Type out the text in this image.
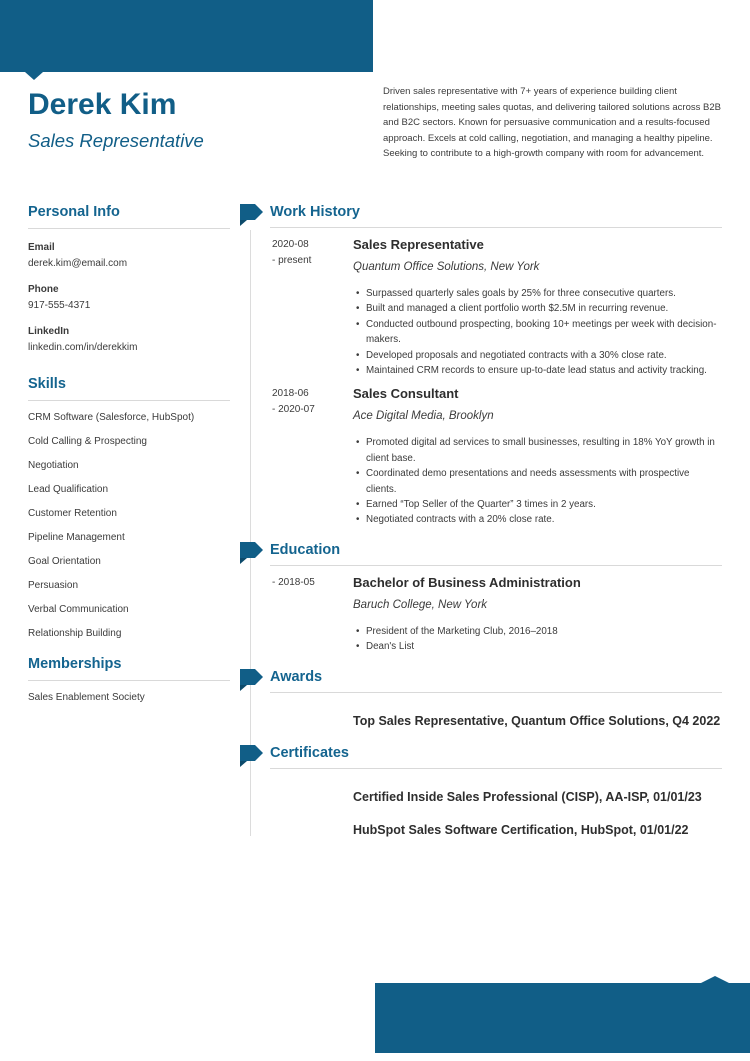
Derek Kim
Sales Representative

Driven sales representative with 7+ years of experience building client relationships, meeting sales quotas, and delivering tailored solutions across B2B and B2C sectors. Known for persuasive communication and a results-focused approach. Excels at cold calling, negotiation, and managing a healthy pipeline. Seeking to contribute to a high-growth company with room for advancement.

Personal Info
Email
derek.kim@email.com
Phone
917-555-4371
LinkedIn
linkedin.com/in/derekkim
Skills
CRM Software (Salesforce, HubSpot)
Cold Calling & Prospecting
Negotiation
Lead Qualification
Customer Retention
Pipeline Management
Goal Orientation
Persuasion
Verbal Communication
Relationship Building
Memberships
Sales Enablement Society
Work History
2020-08
- present
Sales Representative
Quantum Office Solutions, New York
• Surpassed quarterly sales goals by 25% for three consecutive quarters.
• Built and managed a client portfolio worth $2.5M in recurring revenue.
• Conducted outbound prospecting, booking 10+ meetings per week with decision-makers.
• Developed proposals and negotiated contracts with a 30% close rate.
• Maintained CRM records to ensure up-to-date lead status and activity tracking.
2018-06
- 2020-07
Sales Consultant
Ace Digital Media, Brooklyn
• Promoted digital ad services to small businesses, resulting in 18% YoY growth in client base.
• Coordinated demo presentations and needs assessments with prospective clients.
• Earned “Top Seller of the Quarter” 3 times in 2 years.
• Negotiated contracts with a 20% close rate.
Education
- 2018-05	Bachelor of Business Administration
Baruch College, New York
• President of the Marketing Club, 2016–2018
• Dean's List
Awards
Top Sales Representative, Quantum Office Solutions, Q4 2022
Certificates
Certified Inside Sales Professional (CISP), AA-ISP, 01/01/23
HubSpot Sales Software Certification, HubSpot, 01/01/22
